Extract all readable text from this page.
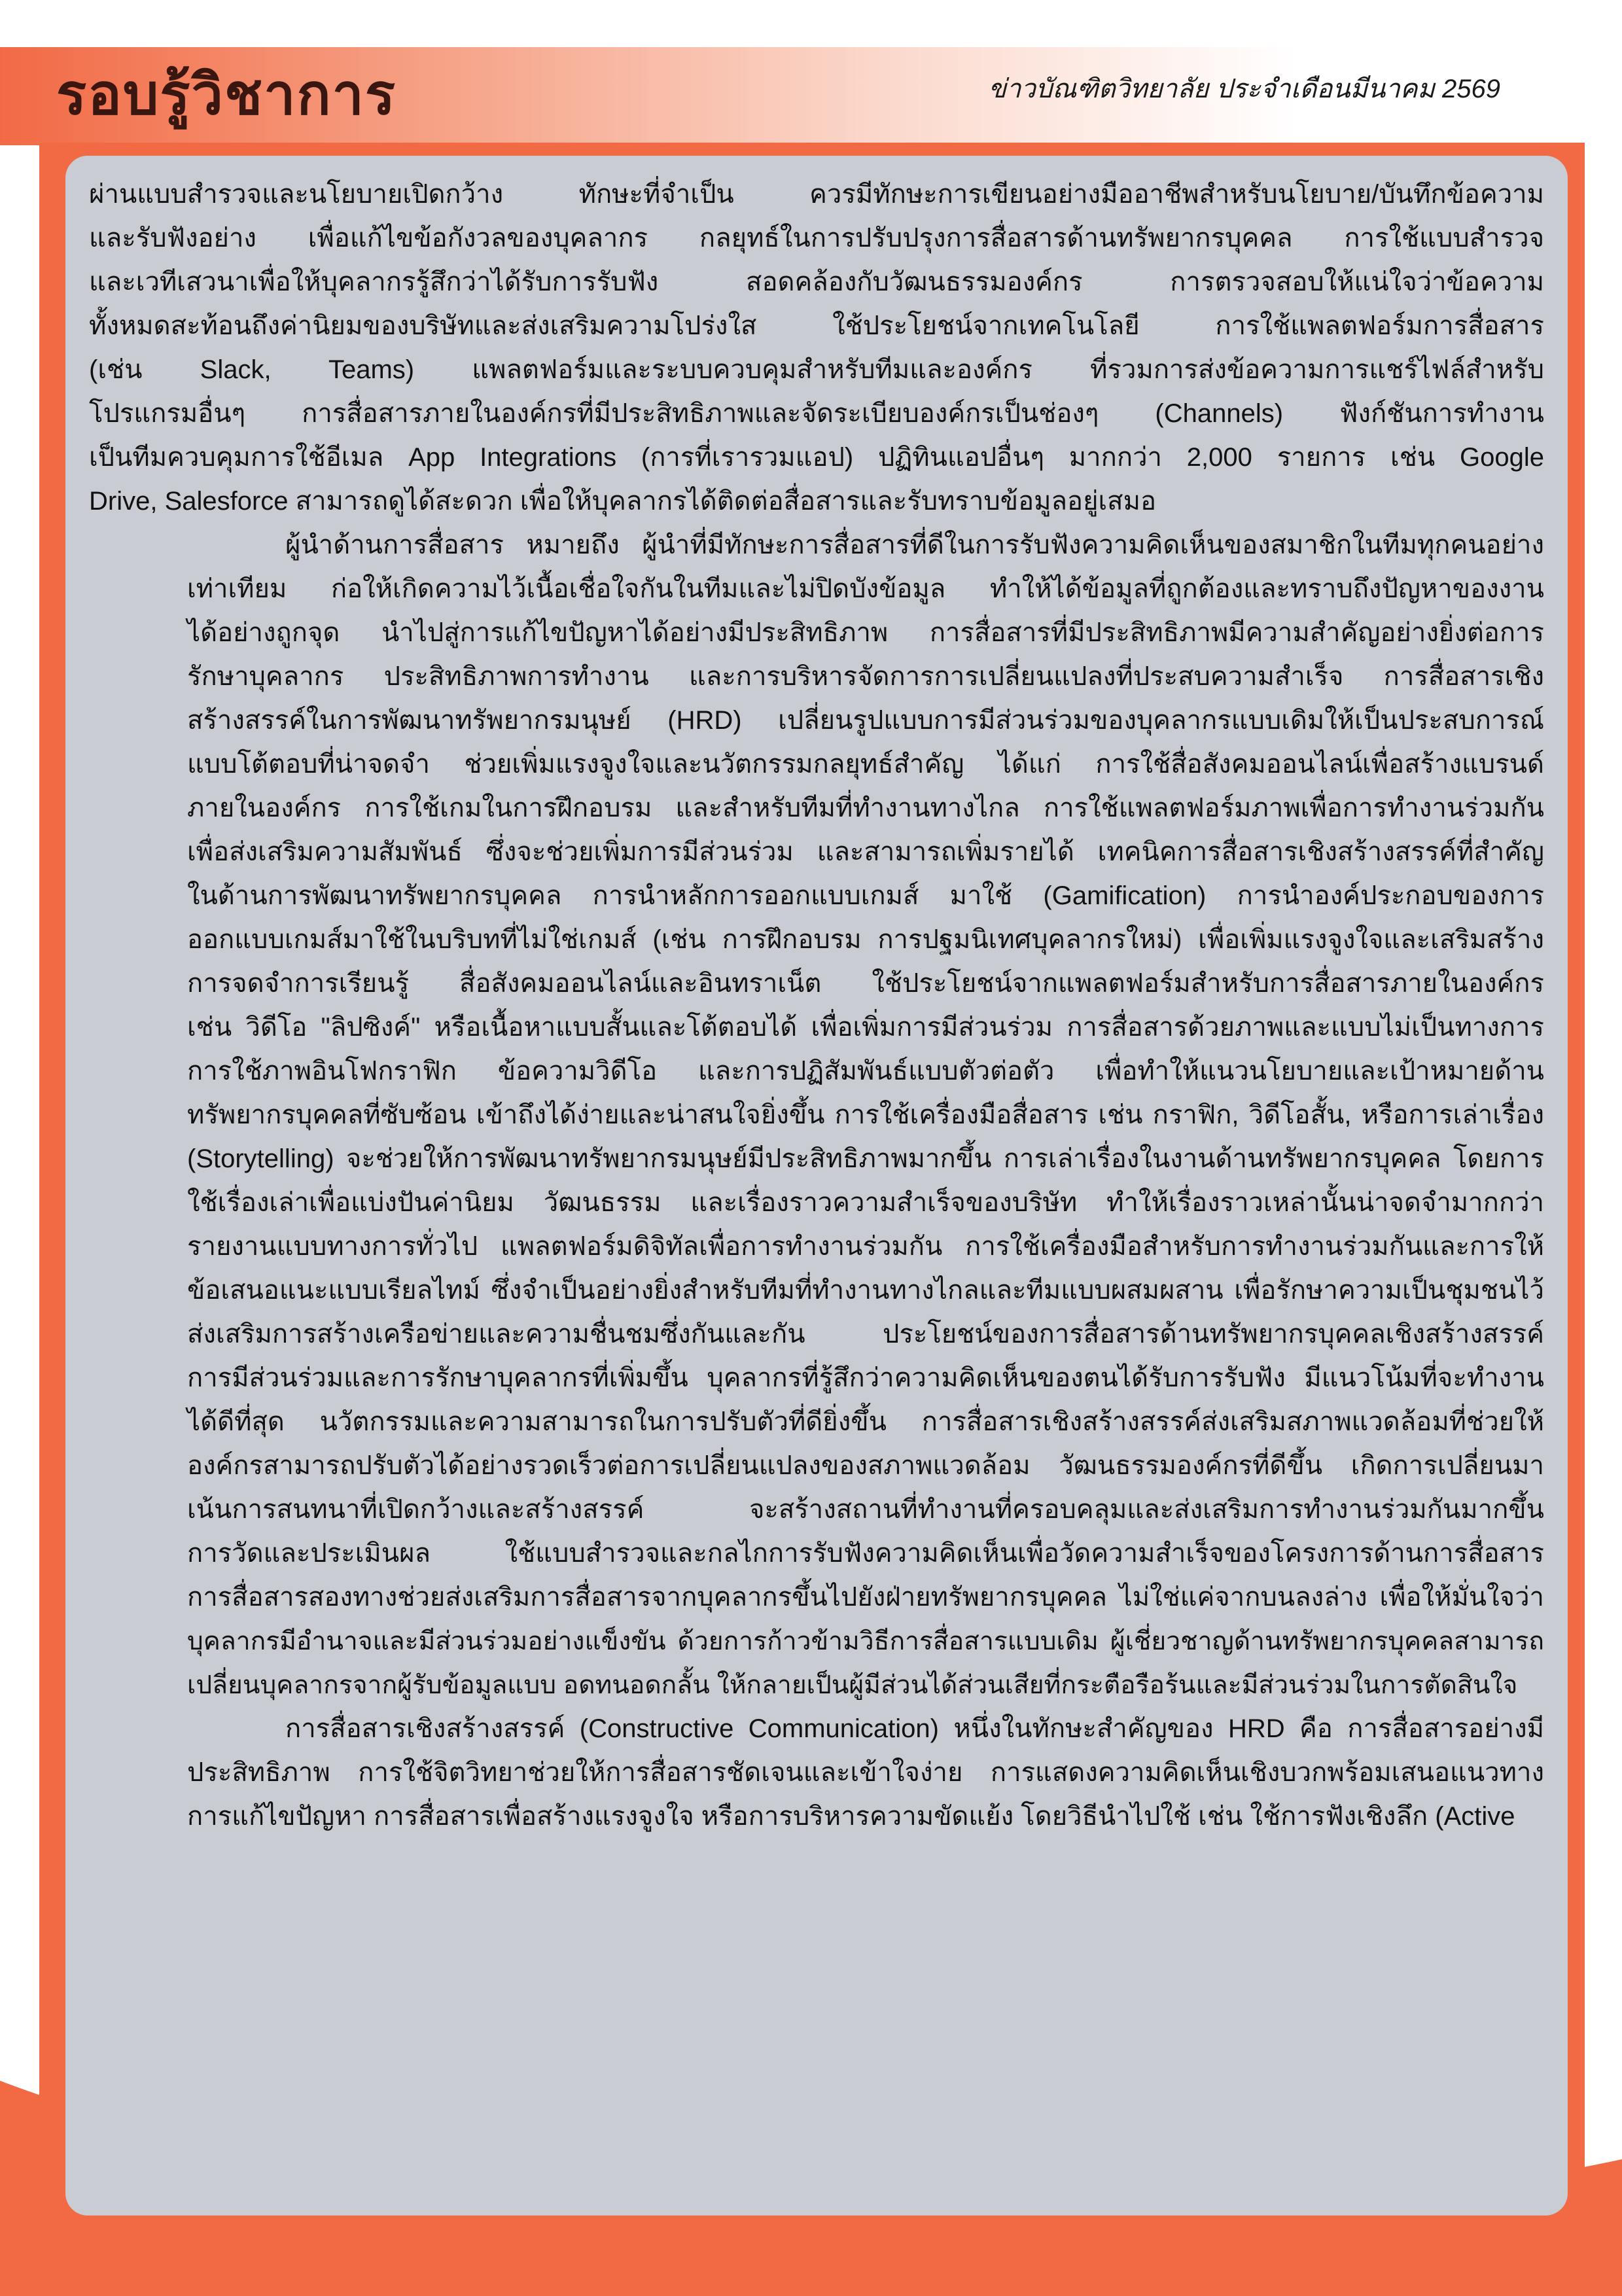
รอบรู้วิชาการ	ข่าวบัณฑิตวิทยาลัย ประจำเดือนมีนาคม 2569
ผ่านแบบสำรวจและนโยบายเปิดกว้าง ทักษะที่จำเป็น ควรมีทักษะการเขียนอย่างมืออาชีพสำหรับนโยบาย/บันทึกข้อความ
และรับฟังอย่าง เพื่อแก้ไขข้อกังวลของบุคลากร กลยุทธ์ในการปรับปรุงการสื่อสารด้านทรัพยากรบุคคล การใช้แบบสำรวจ
และเวทีเสวนาเพื่อให้บุคลากรรู้สึกว่าได้รับการรับฟัง สอดคล้องกับวัฒนธรรมองค์กร การตรวจสอบให้แน่ใจว่าข้อความ
ทั้งหมดสะท้อนถึงค่านิยมของบริษัทและส่งเสริมความโปร่งใส ใช้ประโยชน์จากเทคโนโลยี การใช้แพลตฟอร์มการสื่อสาร
(เช่น Slack, Teams) แพลตฟอร์มและระบบควบคุมสำหรับทีมและองค์กร ที่รวมการส่งข้อความการแชร์ไฟล์สำหรับ
โปรแกรมอื่นๆ การสื่อสารภายในองค์กรที่มีประสิทธิภาพและจัดระเบียบองค์กรเป็นช่องๆ (Channels) ฟังก์ชันการทำงาน
เป็นทีมควบคุมการใช้อีเมล App Integrations (การที่เรารวมแอป) ปฏิทินแอปอื่นๆ มากกว่า 2,000 รายการ เช่น Google
Drive, Salesforce สามารถดูได้สะดวก เพื่อให้บุคลากรได้ติดต่อสื่อสารและรับทราบข้อมูลอยู่เสมอ
ผู้นำด้านการสื่อสาร หมายถึง ผู้นำที่มีทักษะการสื่อสารที่ดีในการรับฟังความคิดเห็นของสมาชิกในทีมทุกคนอย่าง
เท่าเทียม ก่อให้เกิดความไว้เนื้อเชื่อใจกันในทีมและไม่ปิดบังข้อมูล ทำให้ได้ข้อมูลที่ถูกต้องและทราบถึงปัญหาของงาน
ได้อย่างถูกจุด นำไปสู่การแก้ไขปัญหาได้อย่างมีประสิทธิภาพ การสื่อสารที่มีประสิทธิภาพมีความสำคัญอย่างยิ่งต่อการ
รักษาบุคลากร ประสิทธิภาพการทำงาน และการบริหารจัดการการเปลี่ยนแปลงที่ประสบความสำเร็จ การสื่อสารเชิง
สร้างสรรค์ในการพัฒนาทรัพยากรมนุษย์ (HRD) เปลี่ยนรูปแบบการมีส่วนร่วมของบุคลากรแบบเดิมให้เป็นประสบการณ์
แบบโต้ตอบที่น่าจดจำ ช่วยเพิ่มแรงจูงใจและนวัตกรรมกลยุทธ์สำคัญ ได้แก่ การใช้สื่อสังคมออนไลน์เพื่อสร้างแบรนด์
ภายในองค์กร การใช้เกมในการฝึกอบรม และสำหรับทีมที่ทำงานทางไกล การใช้แพลตฟอร์มภาพเพื่อการทำงานร่วมกัน
เพื่อส่งเสริมความสัมพันธ์ ซึ่งจะช่วยเพิ่มการมีส่วนร่วม และสามารถเพิ่มรายได้ เทคนิคการสื่อสารเชิงสร้างสรรค์ที่สำคัญ
ในด้านการพัฒนาทรัพยากรบุคคล การนำหลักการออกแบบเกมส์ มาใช้ (Gamification) การนำองค์ประกอบของการ
ออกแบบเกมส์มาใช้ในบริบทที่ไม่ใช่เกมส์ (เช่น การฝึกอบรม การปฐมนิเทศบุคลากรใหม่) เพื่อเพิ่มแรงจูงใจและเสริมสร้าง
การจดจำการเรียนรู้ สื่อสังคมออนไลน์และอินทราเน็ต ใช้ประโยชน์จากแพลตฟอร์มสำหรับการสื่อสารภายในองค์กร
เช่น วิดีโอ "ลิปซิงค์" หรือเนื้อหาแบบสั้นและโต้ตอบได้ เพื่อเพิ่มการมีส่วนร่วม การสื่อสารด้วยภาพและแบบไม่เป็นทางการ
การใช้ภาพอินโฟกราฟิก ข้อความวิดีโอ และการปฏิสัมพันธ์แบบตัวต่อตัว เพื่อทำให้แนวนโยบายและเป้าหมายด้าน
ทรัพยากรบุคคลที่ซับซ้อน เข้าถึงได้ง่ายและน่าสนใจยิ่งขึ้น การใช้เครื่องมือสื่อสาร เช่น กราฟิก, วิดีโอสั้น, หรือการเล่าเรื่อง
(Storytelling) จะช่วยให้การพัฒนาทรัพยากรมนุษย์มีประสิทธิภาพมากขึ้น การเล่าเรื่องในงานด้านทรัพยากรบุคคล โดยการ
ใช้เรื่องเล่าเพื่อแบ่งปันค่านิยม วัฒนธรรม และเรื่องราวความสำเร็จของบริษัท ทำให้เรื่องราวเหล่านั้นน่าจดจำมากกว่า
รายงานแบบทางการทั่วไป แพลตฟอร์มดิจิทัลเพื่อการทำงานร่วมกัน การใช้เครื่องมือสำหรับการทำงานร่วมกันและการให้
ข้อเสนอแนะแบบเรียลไทม์ ซึ่งจำเป็นอย่างยิ่งสำหรับทีมที่ทำงานทางไกลและทีมแบบผสมผสาน เพื่อรักษาความเป็นชุมชนไว้
ส่งเสริมการสร้างเครือข่ายและความชื่นชมซึ่งกันและกัน ประโยชน์ของการสื่อสารด้านทรัพยากรบุคคลเชิงสร้างสรรค์
การมีส่วนร่วมและการรักษาบุคลากรที่เพิ่มขึ้น บุคลากรที่รู้สึกว่าความคิดเห็นของตนได้รับการรับฟัง มีแนวโน้มที่จะทำงาน
ได้ดีที่สุด นวัตกรรมและความสามารถในการปรับตัวที่ดียิ่งขึ้น การสื่อสารเชิงสร้างสรรค์ส่งเสริมสภาพแวดล้อมที่ช่วยให้
องค์กรสามารถปรับตัวได้อย่างรวดเร็วต่อการเปลี่ยนแปลงของสภาพแวดล้อม วัฒนธรรมองค์กรที่ดีขึ้น เกิดการเปลี่ยนมา
เน้นการสนทนาที่เปิดกว้างและสร้างสรรค์ จะสร้างสถานที่ทำงานที่ครอบคลุมและส่งเสริมการทำงานร่วมกันมากขึ้น
การวัดและประเมินผล ใช้แบบสำรวจและกลไกการรับฟังความคิดเห็นเพื่อวัดความสำเร็จของโครงการด้านการสื่อสาร
การสื่อสารสองทางช่วยส่งเสริมการสื่อสารจากบุคลากรขึ้นไปยังฝ่ายทรัพยากรบุคคล ไม่ใช่แค่จากบนลงล่าง เพื่อให้มั่นใจว่า
บุคลากรมีอำนาจและมีส่วนร่วมอย่างแข็งขัน ด้วยการก้าวข้ามวิธีการสื่อสารแบบเดิม ผู้เชี่ยวชาญด้านทรัพยากรบุคคลสามารถ
เปลี่ยนบุคลากรจากผู้รับข้อมูลแบบ อดทนอดกลั้น ให้กลายเป็นผู้มีส่วนได้ส่วนเสียที่กระตือรือร้นและมีส่วนร่วมในการตัดสินใจ
การสื่อสารเชิงสร้างสรรค์ (Constructive Communication) หนึ่งในทักษะสำคัญของ HRD คือ การสื่อสารอย่างมี
ประสิทธิภาพ การใช้จิตวิทยาช่วยให้การสื่อสารชัดเจนและเข้าใจง่าย การแสดงความคิดเห็นเชิงบวกพร้อมเสนอแนวทาง
การแก้ไขปัญหา การสื่อสารเพื่อสร้างแรงจูงใจ หรือการบริหารความขัดแย้ง โดยวิธีนำไปใช้ เช่น ใช้การฟังเชิงลึก (Active
